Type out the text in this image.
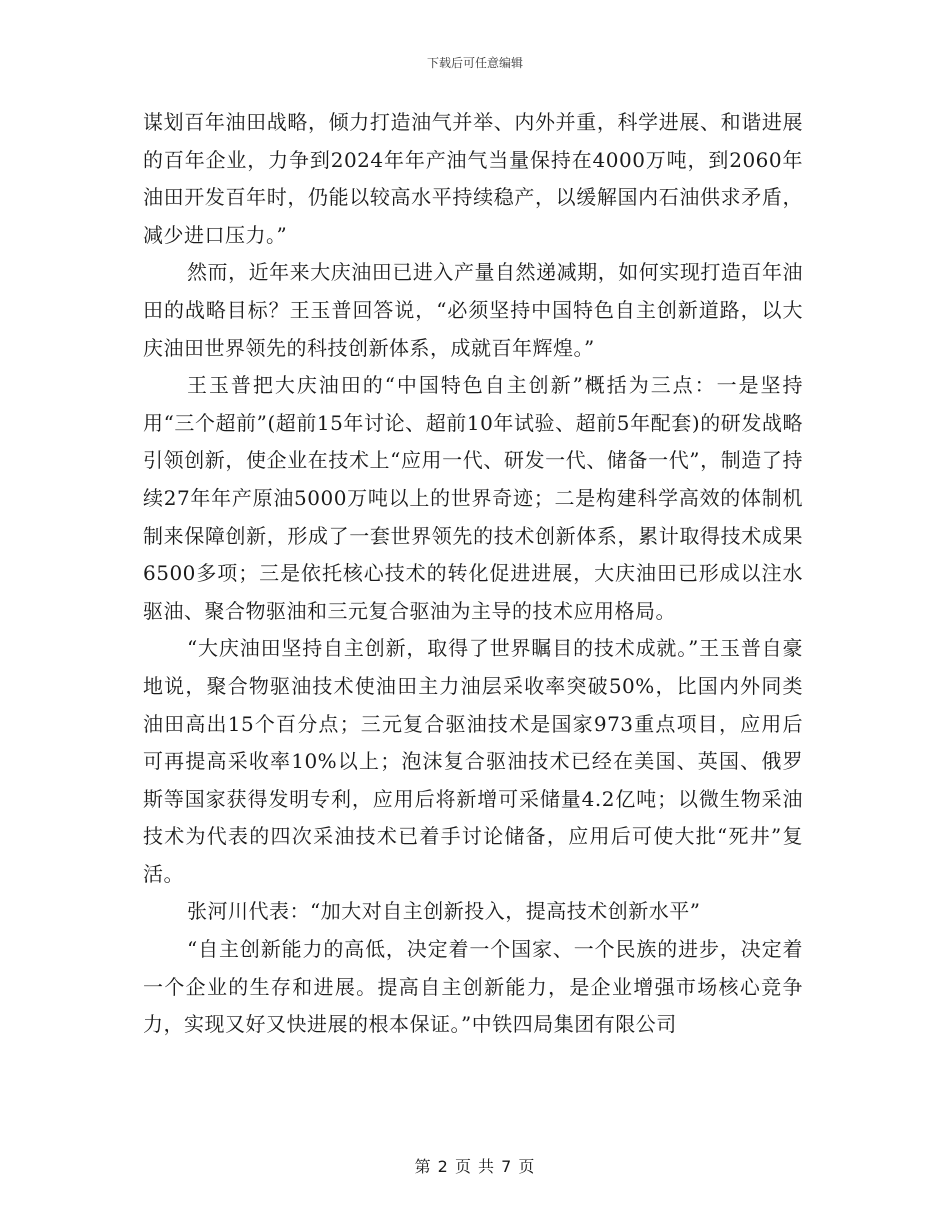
下载后可任意编辑

谋划百年油田战略，倾力打造油气并举、内外并重，科学进展、和谐进展的百年企业，力争到2024年年产油气当量保持在4000万吨，到2060年油田开发百年时，仍能以较高水平持续稳产，以缓解国内石油供求矛盾，减少进口压力。”

然而，近年来大庆油田已进入产量自然递减期，如何实现打造百年油田的战略目标？王玉普回答说，“必须坚持中国特色自主创新道路，以大庆油田世界领先的科技创新体系，成就百年辉煌。”

王玉普把大庆油田的“中国特色自主创新”概括为三点：一是坚持用“三个超前”(超前15年讨论、超前10年试验、超前5年配套)的研发战略引领创新，使企业在技术上“应用一代、研发一代、储备一代”，制造了持续27年年产原油5000万吨以上的世界奇迹；二是构建科学高效的体制机制来保障创新，形成了一套世界领先的技术创新体系，累计取得技术成果6500多项；三是依托核心技术的转化促进进展，大庆油田已形成以注水驱油、聚合物驱油和三元复合驱油为主导的技术应用格局。

“大庆油田坚持自主创新，取得了世界瞩目的技术成就。”王玉普自豪地说，聚合物驱油技术使油田主力油层采收率突破50%，比国内外同类油田高出15个百分点；三元复合驱油技术是国家973重点项目，应用后可再提高采收率10%以上；泡沫复合驱油技术已经在美国、英国、俄罗斯等国家获得发明专利，应用后将新增可采储量4.2亿吨；以微生物采油技术为代表的四次采油技术已着手讨论储备，应用后可使大批“死井”复活。

张河川代表：“加大对自主创新投入，提高技术创新水平”

“自主创新能力的高低，决定着一个国家、一个民族的进步，决定着一个企业的生存和进展。提高自主创新能力，是企业增强市场核心竞争力，实现又好又快进展的根本保证。”中铁四局集团有限公司

第 2 页 共 7 页
